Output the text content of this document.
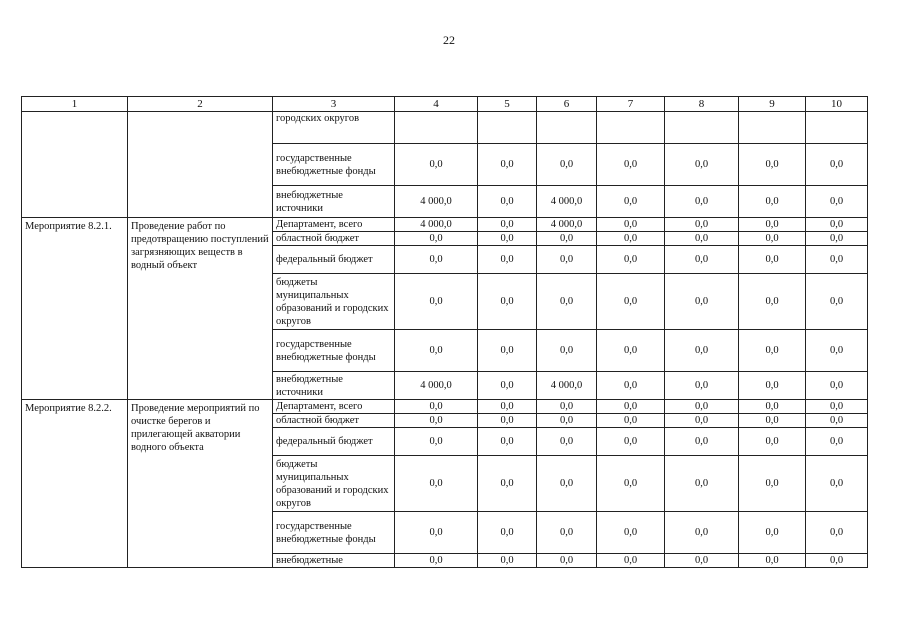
22
1	2	3	4	5	6	7	8	9	10
		городских округов							
		государственные внебюджетные фонды	0,0	0,0	0,0	0,0	0,0	0,0	0,0
		внебюджетные источники	4 000,0	0,0	4 000,0	0,0	0,0	0,0	0,0
Мероприятие 8.2.1.	Проведение работ по предотвращению поступлений загрязняющих веществ в водный объект	Департамент, всего	4 000,0	0,0	4 000,0	0,0	0,0	0,0	0,0
		областной бюджет	0,0	0,0	0,0	0,0	0,0	0,0	0,0
		федеральный бюджет	0,0	0,0	0,0	0,0	0,0	0,0	0,0
		бюджеты муниципальных образований и городских округов	0,0	0,0	0,0	0,0	0,0	0,0	0,0
		государственные внебюджетные фонды	0,0	0,0	0,0	0,0	0,0	0,0	0,0
		внебюджетные источники	4 000,0	0,0	4 000,0	0,0	0,0	0,0	0,0
Мероприятие 8.2.2.	Проведение мероприятий по очистке берегов и прилегающей акватории водного объекта	Департамент, всего	0,0	0,0	0,0	0,0	0,0	0,0	0,0
		областной бюджет	0,0	0,0	0,0	0,0	0,0	0,0	0,0
		федеральный бюджет	0,0	0,0	0,0	0,0	0,0	0,0	0,0
		бюджеты муниципальных образований и городских округов	0,0	0,0	0,0	0,0	0,0	0,0	0,0
		государственные внебюджетные фонды	0,0	0,0	0,0	0,0	0,0	0,0	0,0
		внебюджетные	0,0	0,0	0,0	0,0	0,0	0,0	0,0
